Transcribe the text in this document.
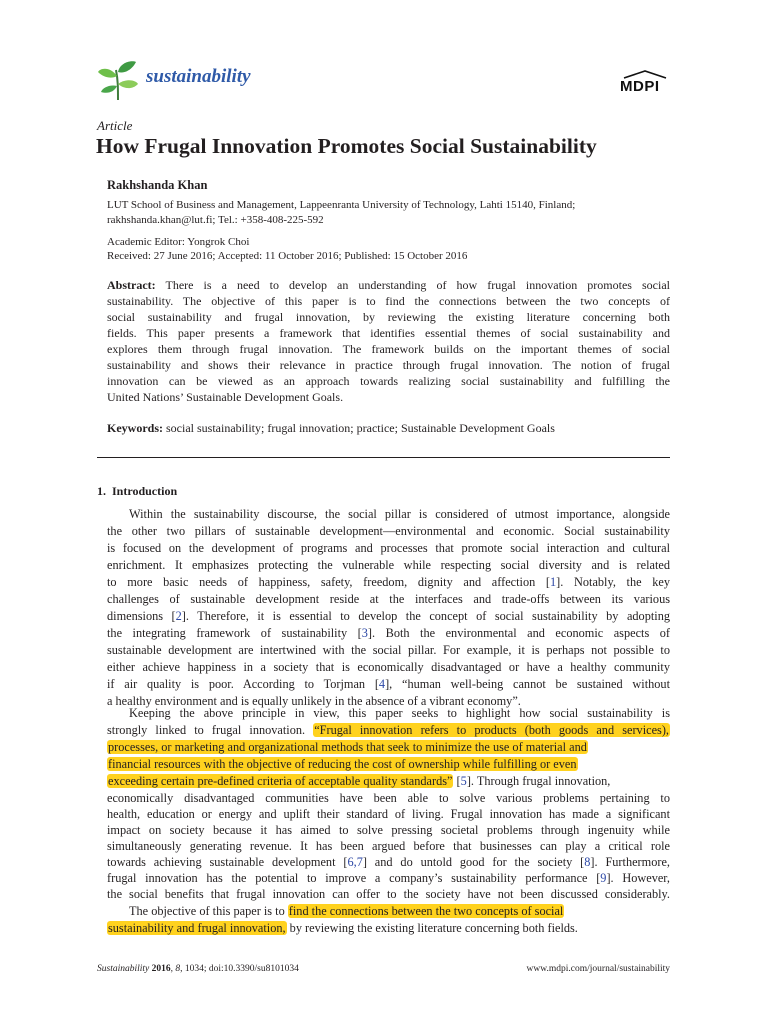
sustainability	MDPI
Article
How Frugal Innovation Promotes Social Sustainability
Rakhshanda Khan
LUT School of Business and Management, Lappeenranta University of Technology, Lahti 15140, Finland;
rakhshanda.khan@lut.fi; Tel.: +358-408-225-592
Academic Editor: Yongrok Choi
Received: 27 June 2016; Accepted: 11 October 2016; Published: 15 October 2016
Abstract: There is a need to develop an understanding of how frugal innovation promotes social
sustainability. The objective of this paper is to find the connections between the two concepts of
social sustainability and frugal innovation, by reviewing the existing literature concerning both
fields. This paper presents a framework that identifies essential themes of social sustainability and
explores them through frugal innovation. The framework builds on the important themes of social
sustainability and shows their relevance in practice through frugal innovation. The notion of frugal
innovation can be viewed as an approach towards realizing social sustainability and fulfilling the
United Nations’ Sustainable Development Goals.
Keywords: social sustainability; frugal innovation; practice; Sustainable Development Goals
1.  Introduction
Within the sustainability discourse, the social pillar is considered of utmost importance, alongside
the other two pillars of sustainable development—environmental and economic. Social sustainability
is focused on the development of programs and processes that promote social interaction and cultural
enrichment. It emphasizes protecting the vulnerable while respecting social diversity and is related
to more basic needs of happiness, safety, freedom, dignity and affection [1]. Notably, the key
challenges of sustainable development reside at the interfaces and trade-offs between its various
dimensions [2]. Therefore, it is essential to develop the concept of social sustainability by adopting
the integrating framework of sustainability [3]. Both the environmental and economic aspects of
sustainable development are intertwined with the social pillar. For example, it is perhaps not possible to
either achieve happiness in a society that is economically disadvantaged or have a healthy community
if air quality is poor. According to Torjman [4], “human well-being cannot be sustained without
a healthy environment and is equally unlikely in the absence of a vibrant economy”.
Keeping the above principle in view, this paper seeks to highlight how social sustainability is
strongly linked to frugal innovation. “Frugal innovation refers to products (both goods and services),
processes, or marketing and organizational methods that seek to minimize the use of material and
financial resources with the objective of reducing the cost of ownership while fulfilling or even
exceeding certain pre-defined criteria of acceptable quality standards” [5]. Through frugal innovation,
economically disadvantaged communities have been able to solve various problems pertaining to
health, education or energy and uplift their standard of living. Frugal innovation has made a significant
impact on society because it has aimed to solve pressing societal problems through ingenuity while
simultaneously generating revenue. It has been argued before that businesses can play a critical role
towards achieving sustainable development [6,7] and do untold good for the society [8]. Furthermore,
frugal innovation has the potential to improve a company’s sustainability performance [9]. However,
the social benefits that frugal innovation can offer to the society have not been discussed considerably.
The objective of this paper is to find the connections between the two concepts of social
sustainability and frugal innovation, by reviewing the existing literature concerning both fields.
Sustainability 2016, 8, 1034; doi:10.3390/su8101034	www.mdpi.com/journal/sustainability
